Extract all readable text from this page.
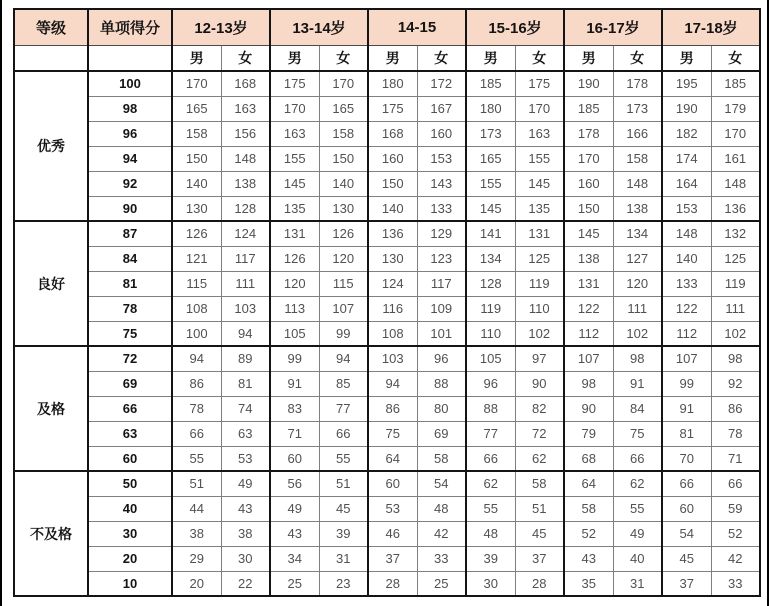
等级	单项得分	12-13岁		13-14岁		14-15		15-16岁		16-17岁		17-18岁	
		男	女	男	女	男	女	男	女	男	女	男	女
优秀	100	170	168	175	170	180	172	185	175	190	178	195	185
	98	165	163	170	165	175	167	180	170	185	173	190	179
	96	158	156	163	158	168	160	173	163	178	166	182	170
	94	150	148	155	150	160	153	165	155	170	158	174	161
	92	140	138	145	140	150	143	155	145	160	148	164	148
	90	130	128	135	130	140	133	145	135	150	138	153	136
良好	87	126	124	131	126	136	129	141	131	145	134	148	132
	84	121	117	126	120	130	123	134	125	138	127	140	125
	81	115	111	120	115	124	117	128	119	131	120	133	119
	78	108	103	113	107	116	109	119	110	122	111	122	111
	75	100	94	105	99	108	101	110	102	112	102	112	102
及格	72	94	89	99	94	103	96	105	97	107	98	107	98
	69	86	81	91	85	94	88	96	90	98	91	99	92
	66	78	74	83	77	86	80	88	82	90	84	91	86
	63	66	63	71	66	75	69	77	72	79	75	81	78
	60	55	53	60	55	64	58	66	62	68	66	70	71
不及格	50	51	49	56	51	60	54	62	58	64	62	66	66
	40	44	43	49	45	53	48	55	51	58	55	60	59
	30	38	38	43	39	46	42	48	45	52	49	54	52
	20	29	30	34	31	37	33	39	37	43	40	45	42
	10	20	22	25	23	28	25	30	28	35	31	37	33
